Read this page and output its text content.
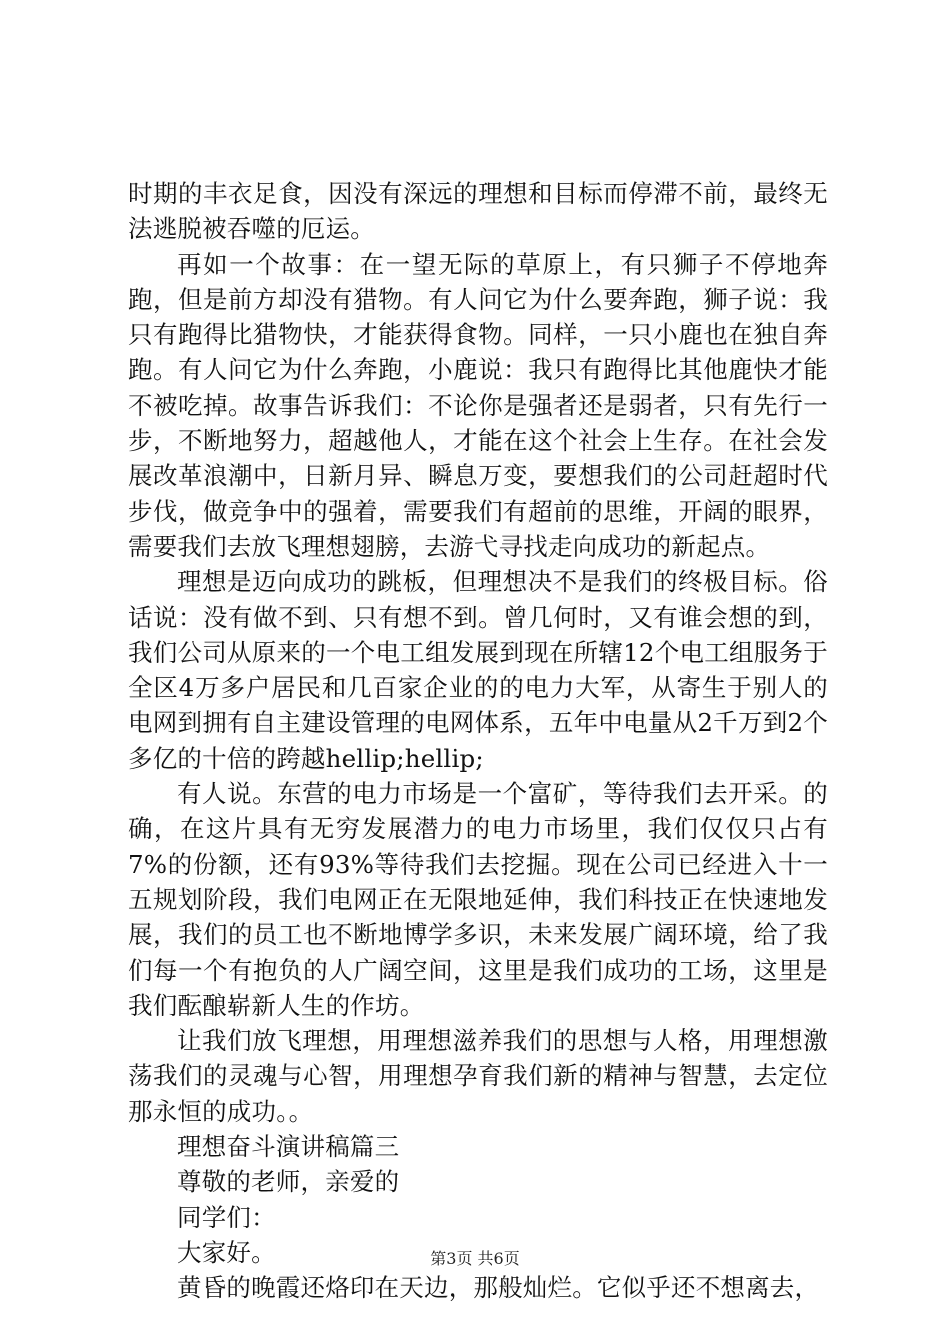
时期的丰衣足食，因没有深远的理想和目标而停滞不前，最终无法逃脱被吞噬的厄运。

再如一个故事：在一望无际的草原上，有只狮子不停地奔跑，但是前方却没有猎物。有人问它为什么要奔跑，狮子说：我只有跑得比猎物快，才能获得食物。同样，一只小鹿也在独自奔跑。有人问它为什么奔跑，小鹿说：我只有跑得比其他鹿快才能不被吃掉。故事告诉我们：不论你是强者还是弱者，只有先行一步，不断地努力，超越他人，才能在这个社会上生存。在社会发展改革浪潮中，日新月异、瞬息万变，要想我们的公司赶超时代步伐，做竞争中的强着，需要我们有超前的思维，开阔的眼界，需要我们去放飞理想翅膀，去游弋寻找走向成功的新起点。

理想是迈向成功的跳板，但理想决不是我们的终极目标。俗话说：没有做不到、只有想不到。曾几何时，又有谁会想的到，我们公司从原来的一个电工组发展到现在所辖12个电工组服务于全区4万多户居民和几百家企业的的电力大军，从寄生于别人的电网到拥有自主建设管理的电网体系，五年中电量从2千万到2个多亿的十倍的跨越hellip;hellip;

有人说。东营的电力市场是一个富矿，等待我们去开采。的确，在这片具有无穷发展潜力的电力市场里，我们仅仅只占有7%的份额，还有93%等待我们去挖掘。现在公司已经进入十一五规划阶段，我们电网正在无限地延伸，我们科技正在快速地发展，我们的员工也不断地博学多识，未来发展广阔环境，给了我们每一个有抱负的人广阔空间，这里是我们成功的工场，这里是我们酝酿崭新人生的作坊。

让我们放飞理想，用理想滋养我们的思想与人格，用理想激荡我们的灵魂与心智，用理想孕育我们新的精神与智慧，去定位那永恒的成功。。

理想奋斗演讲稿篇三

尊敬的老师，亲爱的

同学们：

大家好。

黄昏的晚霞还烙印在天边，那般灿烂。它似乎还不想离去，

第3页 共6页
